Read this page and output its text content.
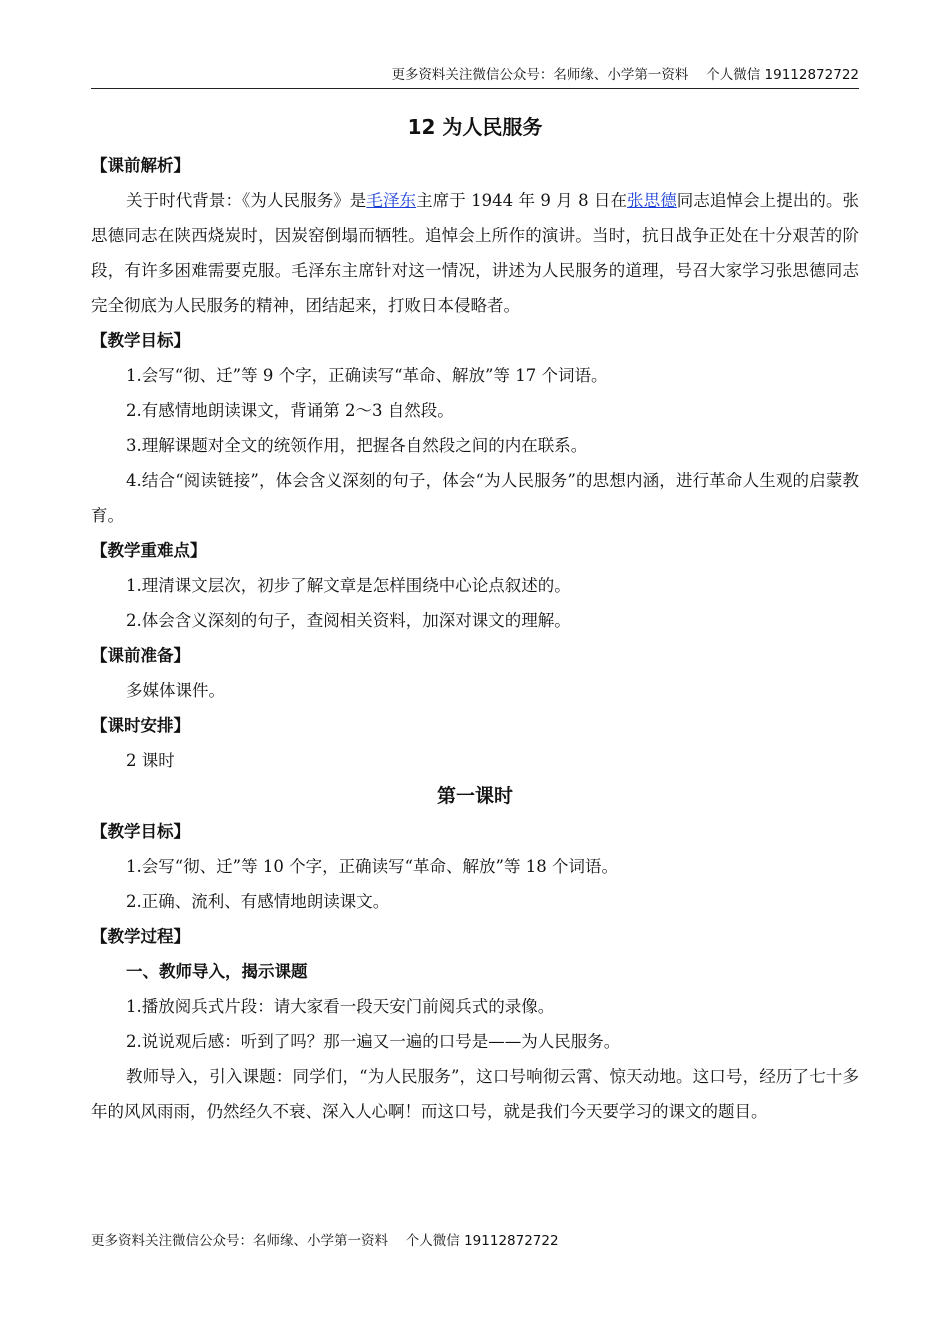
更多资料关注微信公众号：名师缘、小学第一资料　 个人微信 19112872722
12 为人民服务
【课前解析】
关于时代背景：《为人民服务》是毛泽东主席于 1944 年 9 月 8 日在张思德同志追悼会上提出的。张思德同志在陕西烧炭时，因炭窑倒塌而牺牲。追悼会上所作的演讲。当时，抗日战争正处在十分艰苦的阶段，有许多困难需要克服。毛泽东主席针对这一情况，讲述为人民服务的道理，号召大家学习张思德同志完全彻底为人民服务的精神，团结起来，打败日本侵略者。
【教学目标】
1.会写“彻、迁”等 9 个字，正确读写“革命、解放”等 17 个词语。
2.有感情地朗读课文，背诵第 2～3 自然段。
3.理解课题对全文的统领作用，把握各自然段之间的内在联系。
4.结合“阅读链接”，体会含义深刻的句子，体会“为人民服务”的思想内涵，进行革命人生观的启蒙教育。
【教学重难点】
1.理清课文层次，初步了解文章是怎样围绕中心论点叙述的。
2.体会含义深刻的句子，查阅相关资料，加深对课文的理解。
【课前准备】
多媒体课件。
【课时安排】
2 课时
第一课时
【教学目标】
1.会写“彻、迁”等 10 个字，正确读写“革命、解放”等 18 个词语。
2.正确、流利、有感情地朗读课文。
【教学过程】
一、教师导入，揭示课题
1.播放阅兵式片段：请大家看一段天安门前阅兵式的录像。
2.说说观后感：听到了吗？那一遍又一遍的口号是——为人民服务。
教师导入，引入课题：同学们，“为人民服务”，这口号响彻云霄、惊天动地。这口号，经历了七十多年的风风雨雨，仍然经久不衰、深入人心啊！而这口号，就是我们今天要学习的课文的题目。
更多资料关注微信公众号：名师缘、小学第一资料　 个人微信 19112872722
